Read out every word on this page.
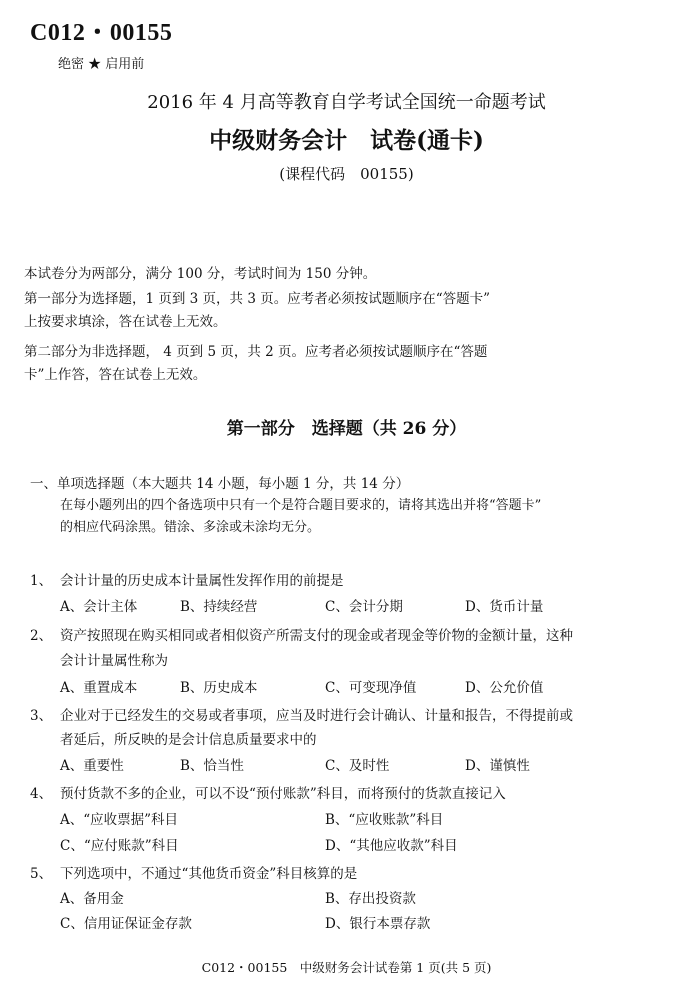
C012・00155
绝密 ★ 启用前
2016 年 4 月高等教育自学考试全国统一命题考试
中级财务会计　试卷(通卡)
(课程代码　00155)
本试卷分为两部分，满分 100 分，考试时间为 150 分钟。
第一部分为选择题，1 页到 3 页，共 3 页。应考者必须按试题顺序在“答题卡”
上按要求填涂，答在试卷上无效。
第二部分为非选择题， 4 页到 5 页，共 2 页。应考者必须按试题顺序在“答题
卡”上作答，答在试卷上无效。
第一部分　选择题（共 26 分）
一、单项选择题（本大题共 14 小题，每小题 1 分，共 14 分）
在每小题列出的四个备选项中只有一个是符合题目要求的，请将其选出并将“答题卡”
的相应代码涂黑。错涂、多涂或未涂均无分。
1、 会计计量的历史成本计量属性发挥作用的前提是
A、会计主体	B、持续经营	C、会计分期	D、货币计量
2、 资产按照现在购买相同或者相似资产所需支付的现金或者现金等价物的金额计量，这种
会计计量属性称为
A、重置成本	B、历史成本	C、可变现净值	D、公允价值
3、 企业对于已经发生的交易或者事项，应当及时进行会计确认、计量和报告，不得提前或
者延后，所反映的是会计信息质量要求中的
A、重要性	B、恰当性	C、及时性	D、谨慎性
4、 预付货款不多的企业，可以不设“预付账款”科目，而将预付的货款直接记入
A、“应收票据”科目	B、“应收账款”科目
C、“应付账款”科目	D、“其他应收款”科目
5、 下列选项中，不通过“其他货币资金”科目核算的是
A、备用金	B、存出投资款
C、信用证保证金存款	D、银行本票存款
C012・00155　中级财务会计试卷第 1 页(共 5 页)
